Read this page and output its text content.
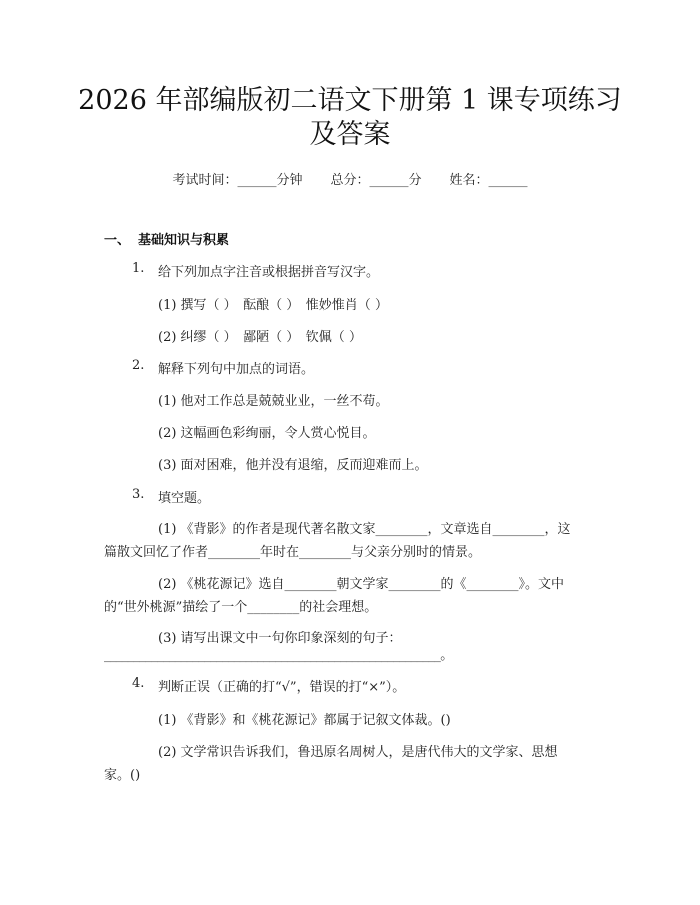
2026 年部编版初二语文下册第 1 课专项练习
及答案
考试时间：______分钟 总分：______分 姓名：______
一、 基础知识与积累
1. 给下列加点字注音或根据拼音写汉字。
(1) 撰写（ ）　酝酿（ ）　惟妙惟肖（ ）
(2) 纠缪（ ）　鄙陋（ ）　钦佩（ ）
2. 解释下列句中加点的词语。
(1) 他对工作总是兢兢业业，一丝不苟。
(2) 这幅画色彩绚丽，令人赏心悦目。
(3) 面对困难，他并没有退缩，反而迎难而上。
3. 填空题。
(1) 《背影》的作者是现代著名散文家________，文章选自________，这
篇散文回忆了作者________年时在________与父亲分别时的情景。
(2) 《桃花源记》选自________朝文学家________的《________》。文中
的“世外桃源”描绘了一个________的社会理想。
(3) 请写出课文中一句你印象深刻的句子：
_________________________________________________________。
4. 判断正误（正确的打“√”，错误的打“×”）。
(1) 《背影》和《桃花源记》都属于记叙文体裁。()
(2) 文学常识告诉我们，鲁迅原名周树人，是唐代伟大的文学家、思想
家。()
